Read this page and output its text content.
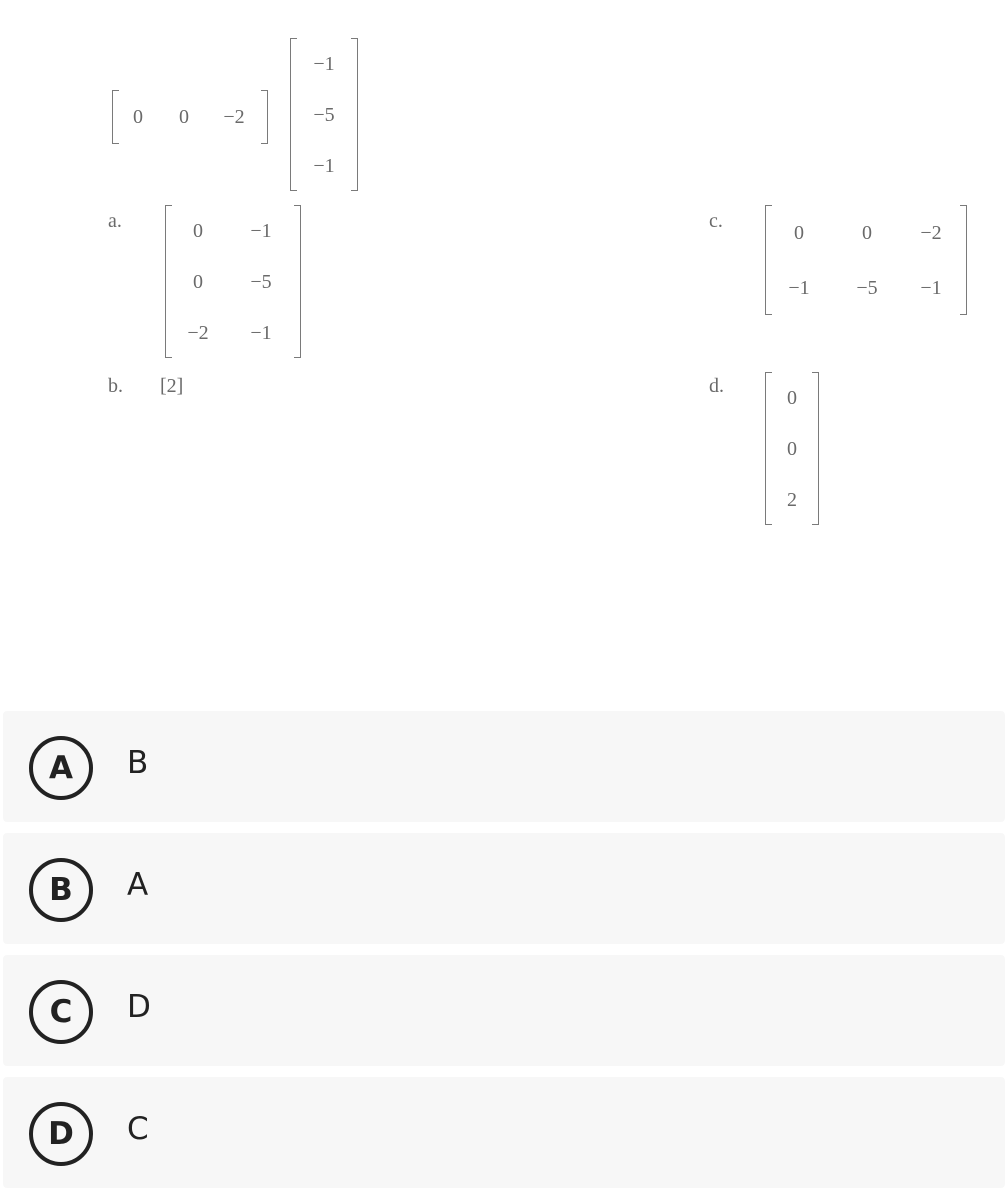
0 0 −2
−1
−5
−1
a.	0 −1
0 −5
−2 −1
b. [2]
c.
0	0 −2
−1 −5 −1
d.
0
0
2
A	B
B	A
C	D
D	C
